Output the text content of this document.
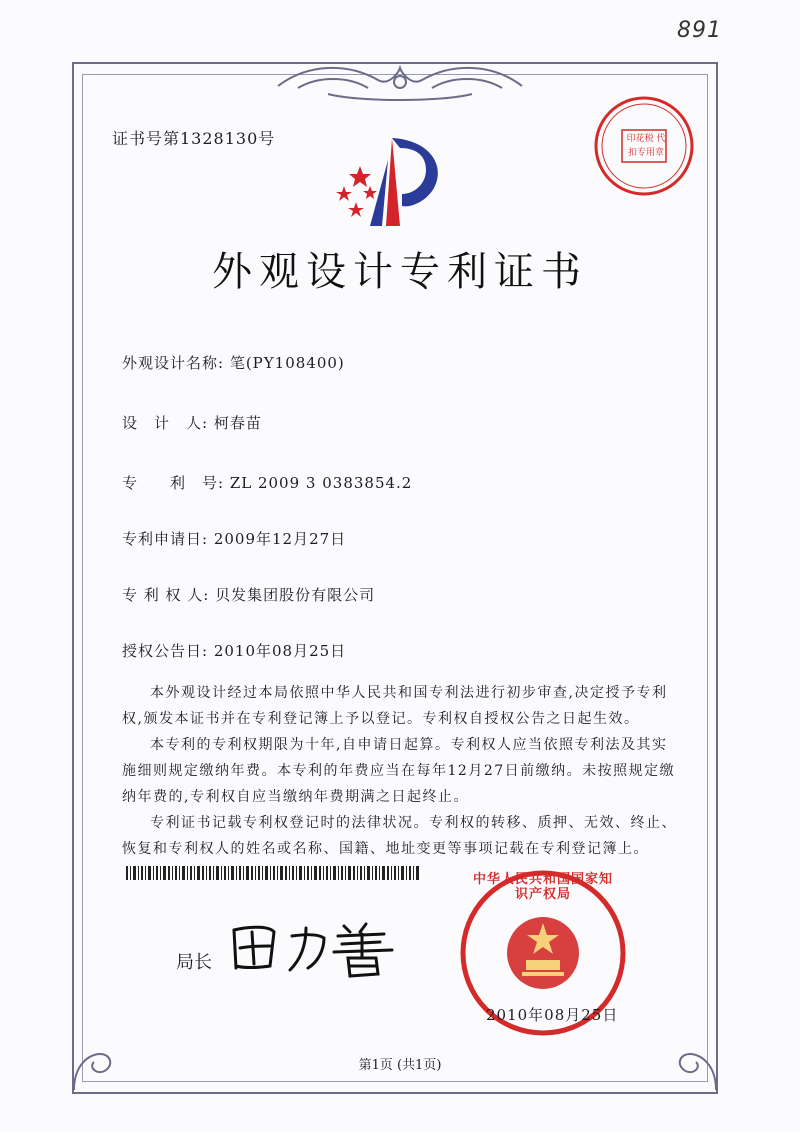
891
证书号第1328130号	印花税 代扣专用章
外观设计专利证书
外观设计名称: 笔(PY108400)
设　计　人: 柯春苗
专　　利　号: ZL 2009 3 0383854.2
专利申请日: 2009年12月27日
专 利 权 人: 贝发集团股份有限公司
授权公告日: 2010年08月25日

本外观设计经过本局依照中华人民共和国专利法进行初步审查,决定授予专利权,颁发本证书并在专利登记簿上予以登记。专利权自授权公告之日起生效。

本专利的专利权期限为十年,自申请日起算。专利权人应当依照专利法及其实施细则规定缴纳年费。本专利的年费应当在每年12月27日前缴纳。未按照规定缴纳年费的,专利权自应当缴纳年费期满之日起终止。

专利证书记载专利权登记时的法律状况。专利权的转移、质押、无效、终止、恢复和专利权人的姓名或名称、国籍、地址变更等事项记载在专利登记簿上。

局长
中华人民共和国国家知识产权局
2010年08月25日
第1页 (共1页)
